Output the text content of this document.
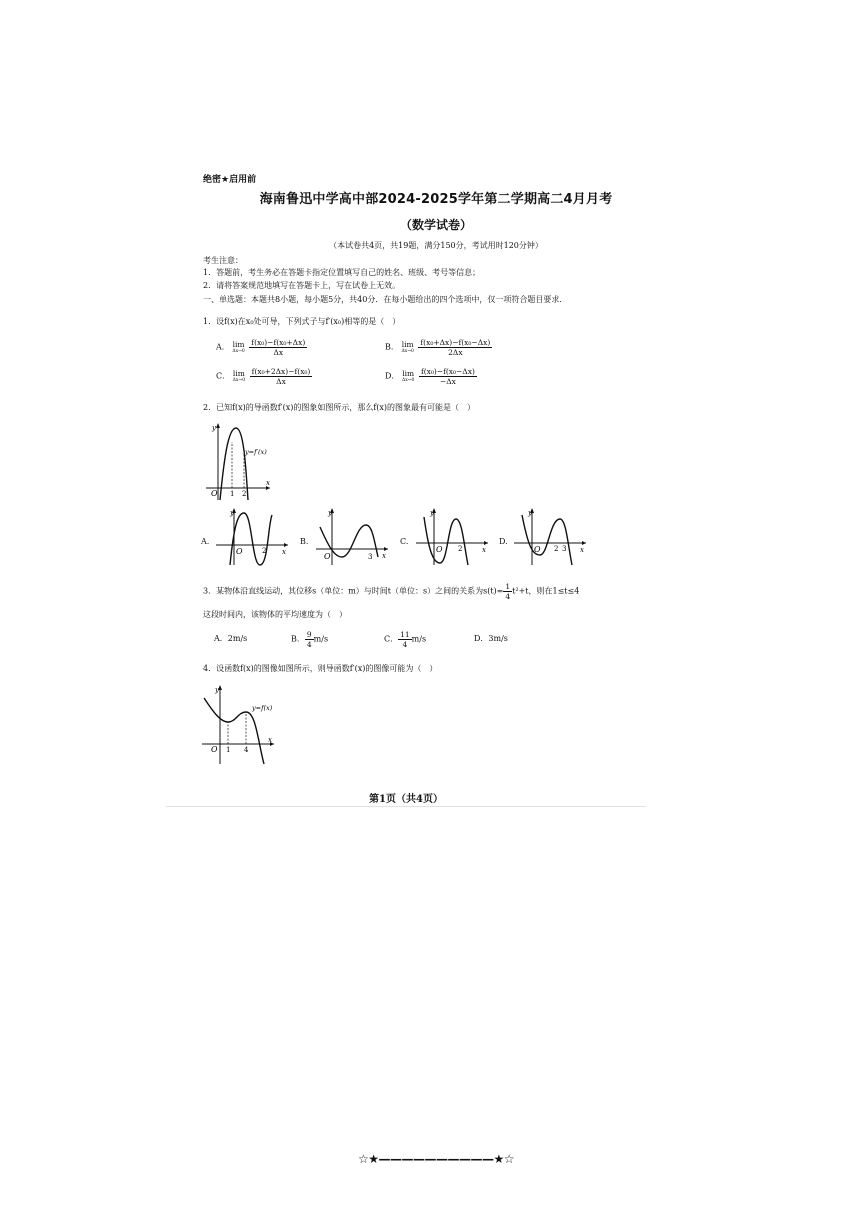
绝密★启用前
海南鲁迅中学高中部2024-2025学年第二学期高二4月月考
（数学试卷）
（本试卷共4页，共19题，满分150分，考试用时120分钟）
考生注意：
1．答题前，考生务必在答题卡指定位置填写自己的姓名、班级、考号等信息；
2．请将答案规范地填写在答题卡上，写在试卷上无效。
一、单选题：本题共8小题，每小题5分，共40分．在每小题给出的四个选项中，仅一项符合题目要求．
1．设f(x)在x₀处可导，下列式子与f′(x₀)相等的是（　）
A． lim
Δx→0
$\frac{\text{f(x₀)−f(x₀+Δx)}}{\Delta x}$	B． lim
Δx→0
$\frac{\text{f(x₀+Δx)−f(x₀−Δx)}}{2\Delta x}$
C． lim
Δx→0
$\frac{\text{f(x₀+2Δx)−f(x₀)}}{\Delta x}$	D． lim
Δx→0
$\frac{\text{f(x₀)−f(x₀−Δx)}}{-\Delta x}$
2．已知f(x)的导函数f′(x)的图象如图所示，那么f(x)的图象最有可能是（　）
y
x
O 1 2
y=f′(x)
A.
y
O	x
2
B.
y
O	x
3
C.
y
O	x
2
D.
y
O	x
2 3
3．某物体沿直线运动，其位移s（单位：m）与时间t（单位：s）之间的关系为$s(t)= \frac{1}{4} t^2+t$，则在1≤t≤4
这段时间内，该物体的平均速度为（　）
A．2m/s	B． $\frac{9}{4} m/s$	C． $\frac{11}{4} m/s$	D．3m/s
4．设函数f(x)的图像如图所示，则导函数f′(x)的图像可能为（　）
y
x
O 1 4
y=f(x)
第1页（共4页）
☆★——————————★☆
